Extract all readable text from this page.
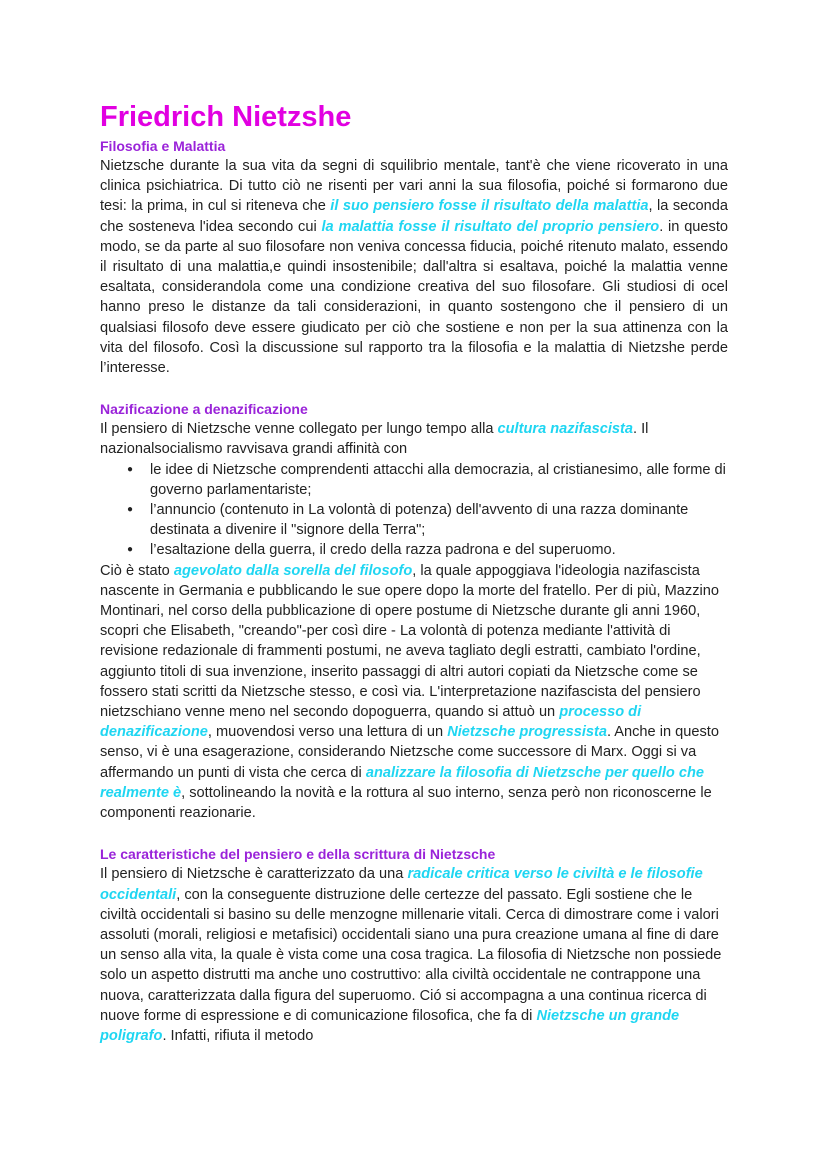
Friedrich Nietzshe
Filosofia e Malattia

Nietzsche durante la sua vita da segni di squilibrio mentale, tant'è che viene ricoverato in una clinica psichiatrica. Di tutto ciò ne risenti per vari anni la sua filosofia, poiché si formarono due tesi: la prima, in cul si riteneva che il suo pensiero fosse il risultato della malattia, la seconda che sosteneva l'idea secondo cui la malattia fosse il risultato del proprio pensiero. in questo modo, se da parte al suo filosofare non veniva concessa fiducia, poiché ritenuto malato, essendo il risultato di una malattia,e quindi insostenibile; dall'altra si esaltava, poiché la malattia venne esaltata, considerandola come una condizione creativa del suo filosofare. Gli studiosi di ocel hanno preso le distanze da tali considerazioni, in quanto sostengono che il pensiero di un qualsiasi filosofo deve essere giudicato per ciò che sostiene e non per la sua attinenza con la vita del filosofo. Così la discussione sul rapporto tra la filosofia e la malattia di Nietzshe perde l’interesse.

Nazificazione a denazificazione

Il pensiero di Nietzsche venne collegato per lungo tempo alla cultura nazifascista. Il nazionalsocialismo ravvisava grandi affinità con

● le idee di Nietzsche comprendenti attacchi alla democrazia, al cristianesimo, alle forme di governo parlamentariste;
● l’annuncio (contenuto in La volontà di potenza) dell'avvento di una razza dominante destinata a divenire il "signore della Terra";
● l’esaltazione della guerra, il credo della razza padrona e del superuomo.

Ciò è stato agevolato dalla sorella del filosofo, la quale appoggiava l'ideologia nazifascista nascente in Germania e pubblicando le sue opere dopo la morte del fratello. Per di più, Mazzino Montinari, nel corso della pubblicazione di opere postume di Nietzsche durante gli anni 1960, scopri che Elisabeth, "creando"-per così dire - La volontà di potenza mediante l'attività di revisione redazionale di frammenti postumi, ne aveva tagliato degli estratti, cambiato l'ordine, aggiunto titoli di sua invenzione, inserito passaggi di altri autori copiati da Nietzsche come se fossero stati scritti da Nietzsche stesso, e così via. L'interpretazione nazifascista del pensiero nietzschiano venne meno nel secondo dopoguerra, quando si attuò un processo di denazificazione, muovendosi verso una lettura di un Nietzsche progressista. Anche in questo senso, vi è una esagerazione, considerando Nietzsche come successore di Marx. Oggi si va affermando un punti di vista che cerca di analizzare la filosofia di Nietzsche per quello che realmente è, sottolineando la novità e la rottura al suo interno, senza però non riconoscerne le componenti reazionarie.

Le caratteristiche del pensiero e della scrittura di Nietzsche

Il pensiero di Nietzsche è caratterizzato da una radicale critica verso le civiltà e le filosofie occidentali, con la conseguente distruzione delle certezze del passato. Egli sostiene che le civiltà occidentali si basino su delle menzogne millenarie vitali. Cerca di dimostrare come i valori assoluti (morali, religiosi e metafisici) occidentali siano una pura creazione umana al fine di dare un senso alla vita, la quale è vista come una cosa tragica. La filosofia di Nietzsche non possiede solo un aspetto distrutti ma anche uno costruttivo: alla civiltà occidentale ne contrappone una nuova, caratterizzata dalla figura del superuomo. Ció si accompagna a una continua ricerca di nuove forme di espressione e di comunicazione filosofica, che fa di Nietzsche un grande poligrafo. Infatti, rifiuta il metodo
